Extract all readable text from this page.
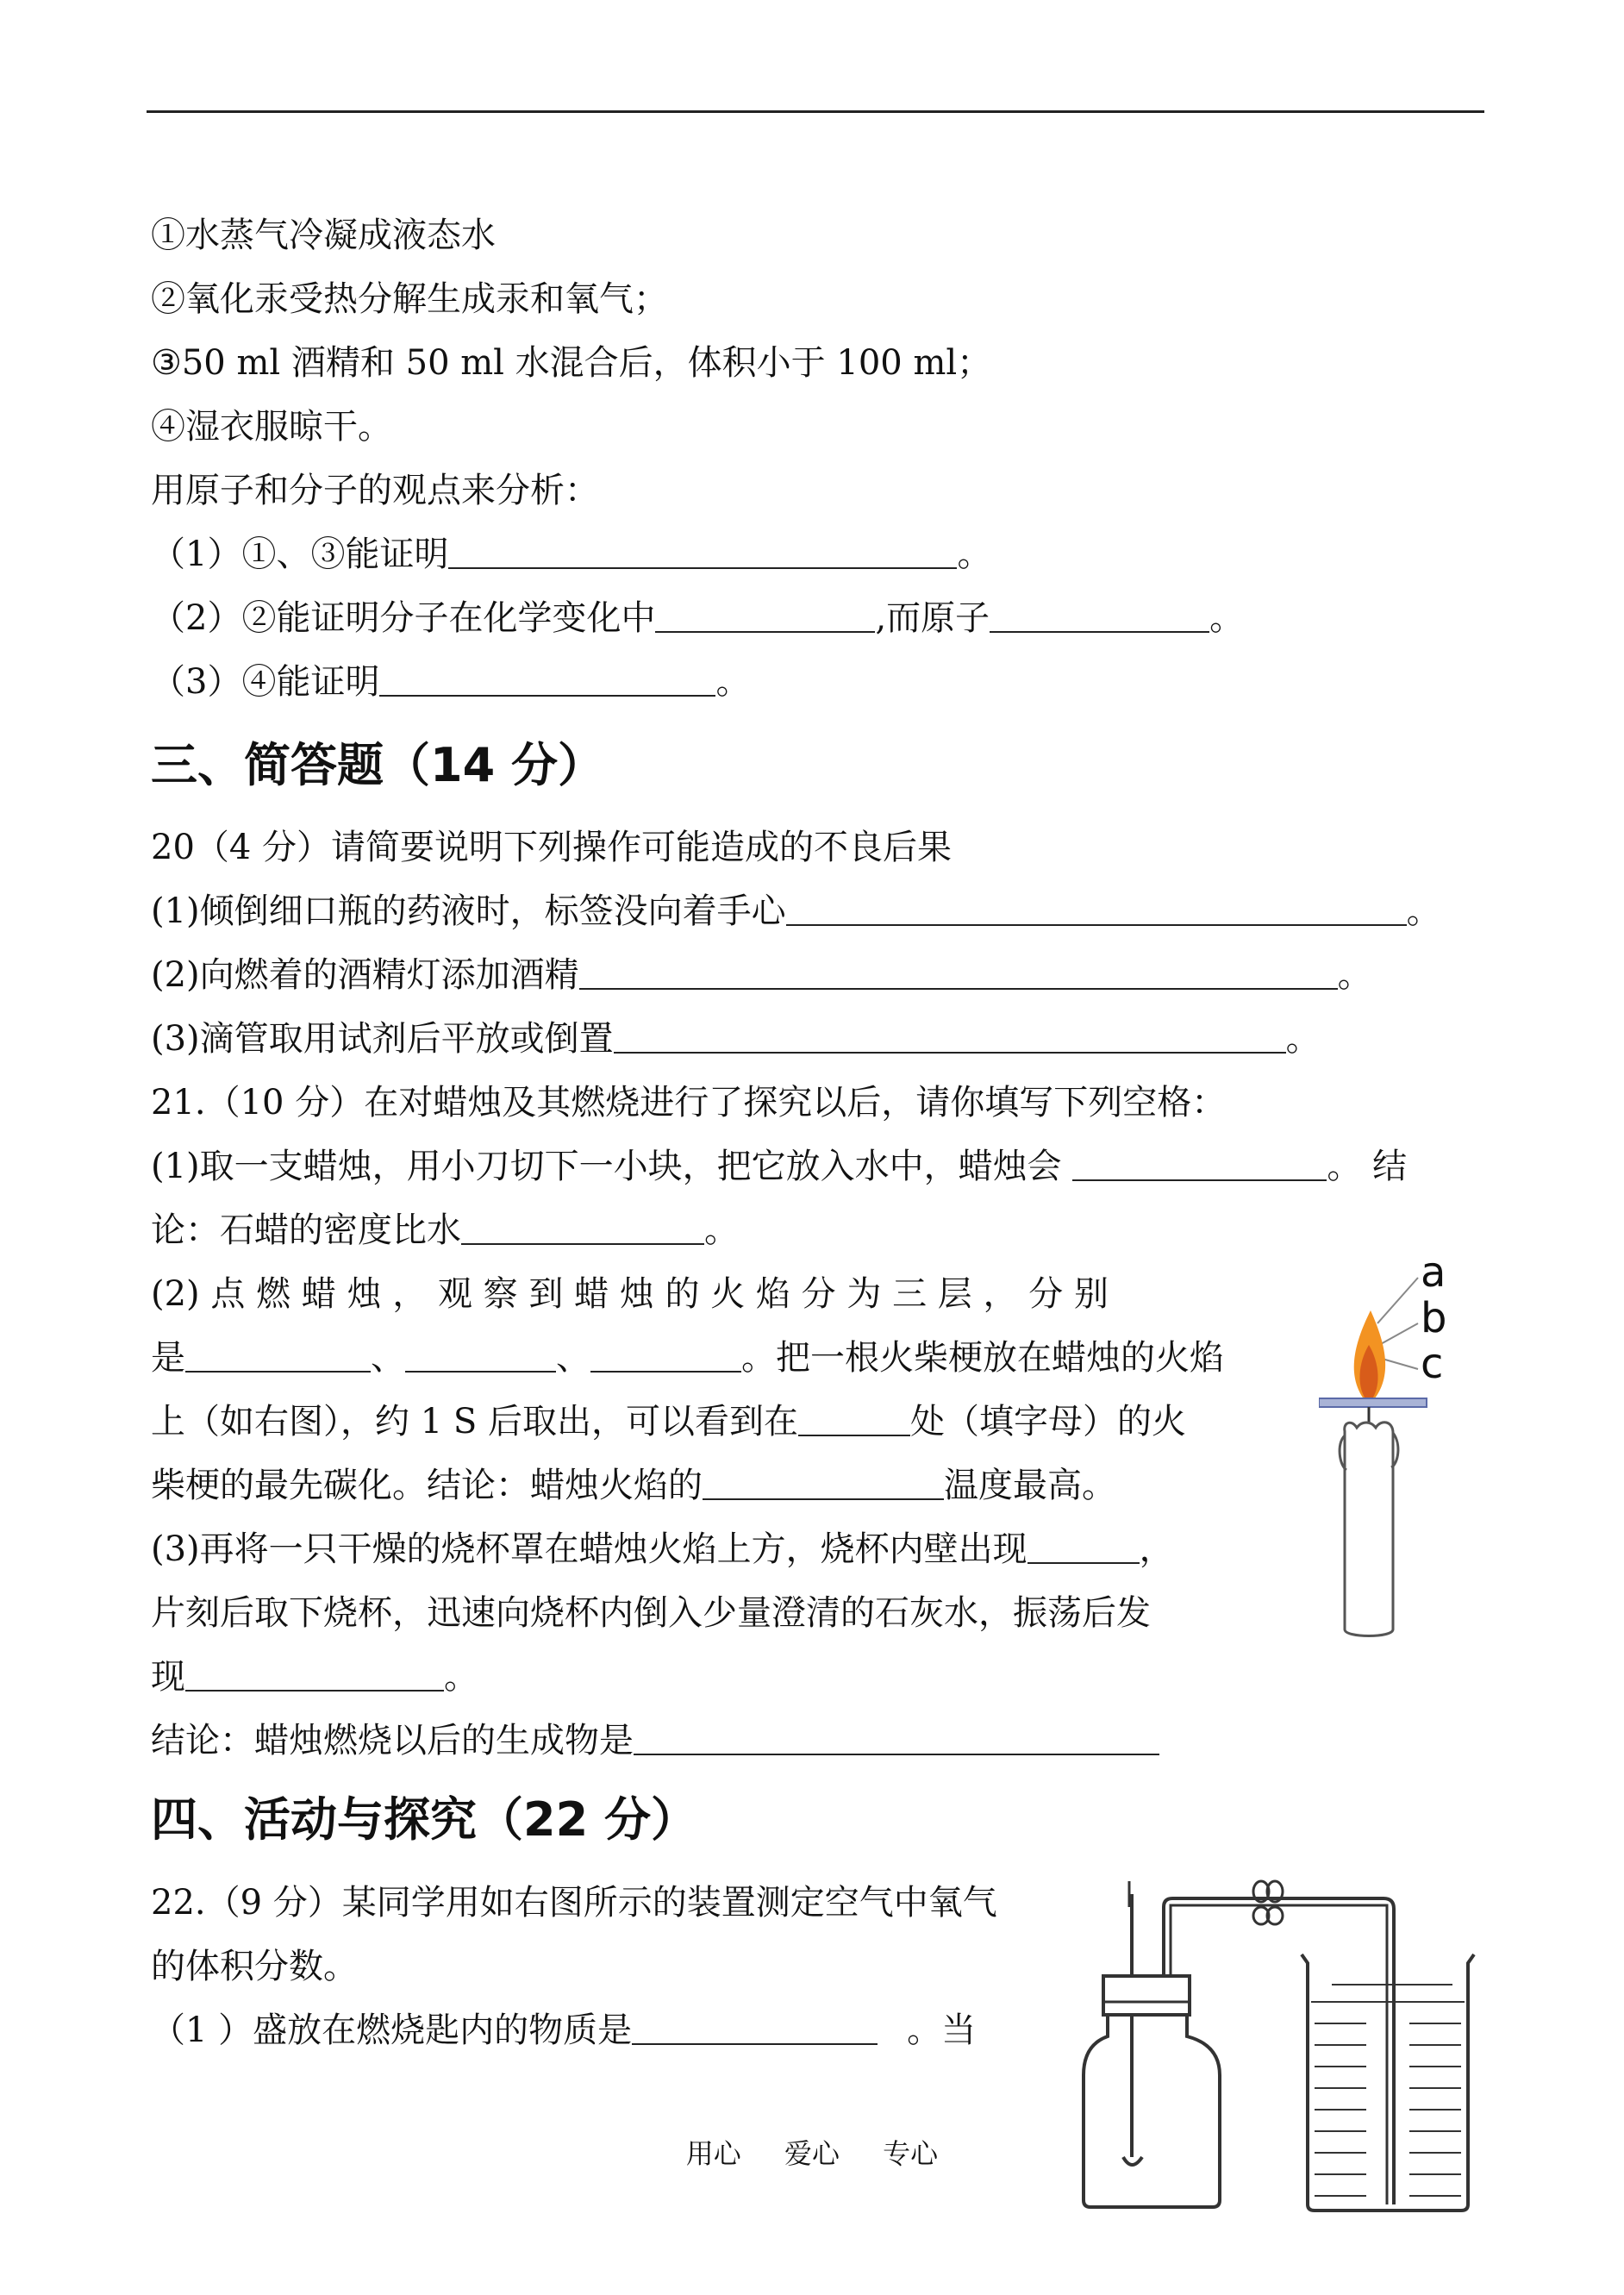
①水蒸气冷凝成液态水
②氧化汞受热分解生成汞和氧气；
③50 ml 酒精和 50 ml 水混合后，体积小于 100 ml；
④湿衣服晾干。
用原子和分子的观点来分析：
（1）①、③能证明	。
（2）②能证明分子在化学变化中	,而原子	。
（3）④能证明	。
三、简答题（14 分）
20（4 分）请简要说明下列操作可能造成的不良后果
(1)倾倒细口瓶的药液时，标签没向着手心	。
(2)向燃着的酒精灯添加酒精	。
(3)滴管取用试剂后平放或倒置	。
21.（10 分）在对蜡烛及其燃烧进行了探究以后，请你填写下列空格：
(1)取一支蜡烛，用小刀切下一小块，把它放入水中，蜡烛会	。 结
论：石蜡的密度比水	。
(2) 点 燃 蜡 烛 ， 观 察 到 蜡 烛 的 火 焰 分 为 三 层 ， 分 别
是	、	、	。把一根火柴梗放在蜡烛的火焰
上（如右图），约 1 S 后取出，可以看到在	处（填字母）的火
柴梗的最先碳化。结论：蜡烛火焰的	温度最高。
(3)再将一只干燥的烧杯罩在蜡烛火焰上方，烧杯内壁出现	，
片刻后取下烧杯，迅速向烧杯内倒入少量澄清的石灰水，振荡后发
现	。
结论：蜡烛燃烧以后的生成物是
a
b
c
四、活动与探究（22 分）
22.（9 分）某同学用如右图所示的装置测定空气中氧气
的体积分数。
（1 ）盛放在燃烧匙内的物质是	。当
用心 爱心 专心
